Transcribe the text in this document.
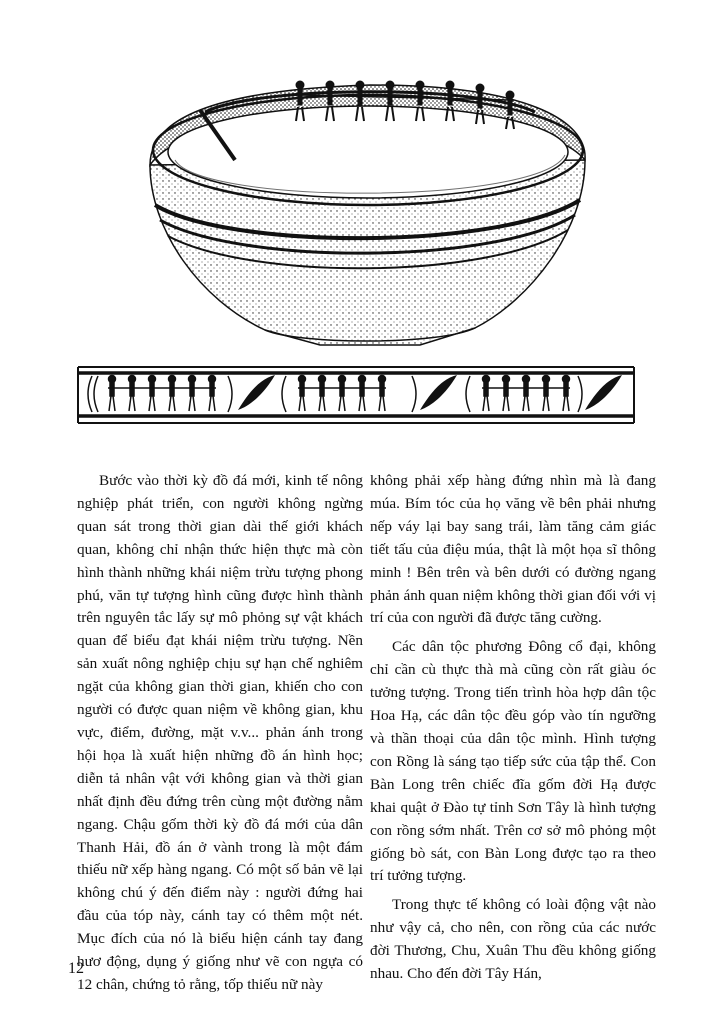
Bước vào thời kỳ đồ đá mới, kinh tế nông nghiệp phát triển, con người không ngừng quan sát trong thời gian dài thế giới khách quan, không chỉ nhận thức hiện thực mà còn hình thành những khái niệm trừu tượng phong phú, văn tự tượng hình cũng được hình thành trên nguyên tắc lấy sự mô phỏng sự vật khách quan để biểu đạt khái niệm trừu tượng. Nền sản xuất nông nghiệp chịu sự hạn chế nghiêm ngặt của không gian thời gian, khiến cho con người có được quan niệm về không gian, khu vực, điểm, đường, mặt v.v... phản ánh trong hội họa là xuất hiện những đồ án hình học; diễn tả nhân vật với không gian và thời gian nhất định đều đứng trên cùng một đường nằm ngang. Chậu gốm thời kỳ đồ đá mới của dân Thanh Hải, đồ án ở vành trong là một đám thiếu nữ xếp hàng ngang. Có một số bản vẽ lại không chú ý đến điểm này : người đứng hai đầu của tóp này, cánh tay có thêm một nét. Mục đích của nó là biểu hiện cánh tay đang hươ động, dụng ý giống như vẽ con ngựa có 12 chân, chứng tỏ rằng, tốp thiếu nữ này

không phải xếp hàng đứng nhìn mà là đang múa. Bím tóc của họ văng về bên phải nhưng nếp váy lại bay sang trái, làm tăng cảm giác tiết tấu của điệu múa, thật là một họa sĩ thông minh ! Bên trên và bên dưới có đường ngang phản ánh quan niệm không thời gian đối với vị trí của con người đã được tăng cường.

Các dân tộc phương Đông cổ đại, không chỉ cần cù thực thà mà cũng còn rất giàu óc tưởng tượng. Trong tiến trình hòa hợp dân tộc Hoa Hạ, các dân tộc đều góp vào tín ngưỡng và thần thoại của dân tộc mình. Hình tượng con Rồng là sáng tạo tiếp sức của tập thể. Con Bàn Long trên chiếc đĩa gốm đời Hạ được khai quật ở Đào tự tỉnh Sơn Tây là hình tượng con rồng sớm nhất. Trên cơ sở mô phỏng một giống bò sát, con Bàn Long được tạo ra theo trí tưởng tượng.

Trong thực tế không có loài động vật nào như vậy cả, cho nên, con rồng của các nước đời Thương, Chu, Xuân Thu đều không giống nhau. Cho đến đời Tây Hán,

12
